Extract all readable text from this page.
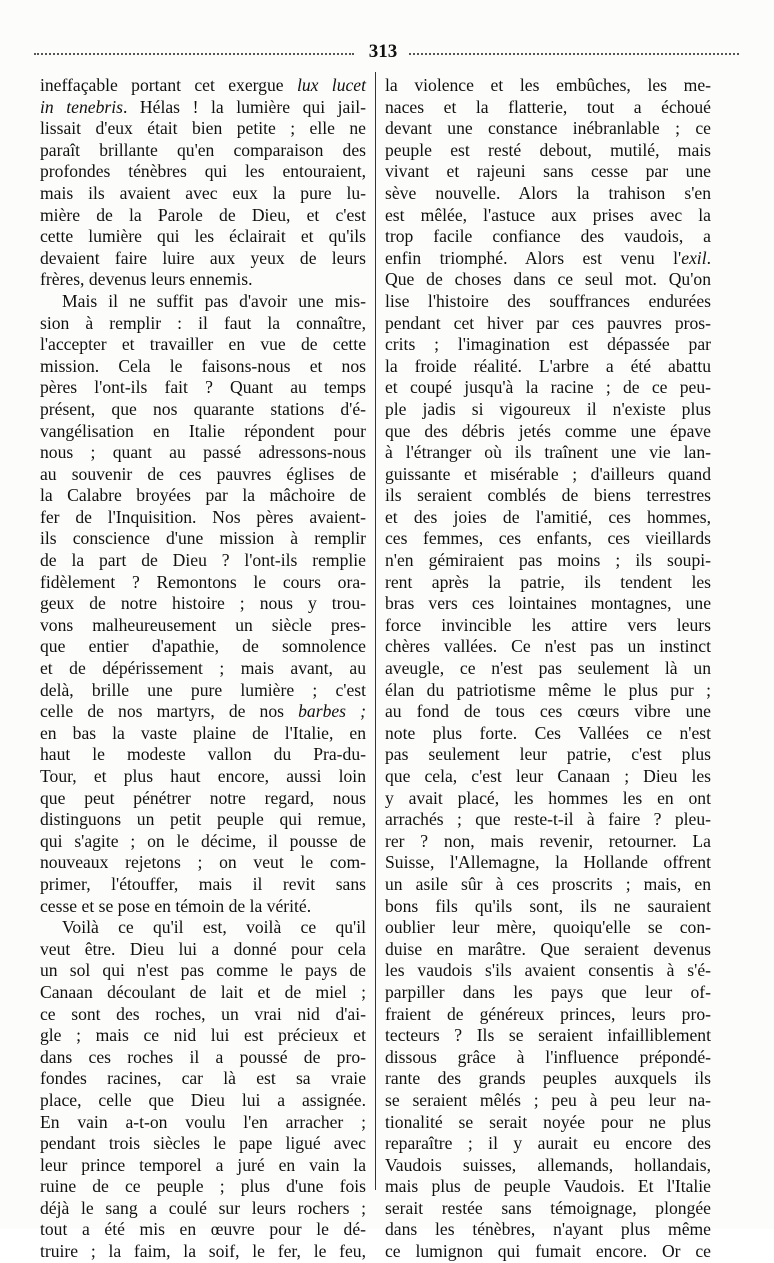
313
ineffaçable portant cet exergue lux lucet
in tenebris. Hélas ! la lumière qui jail-
lissait d'eux était bien petite ; elle ne
paraît brillante qu'en comparaison des
profondes ténèbres qui les entouraient,
mais ils avaient avec eux la pure lu-
mière de la Parole de Dieu, et c'est
cette lumière qui les éclairait et qu'ils
devaient faire luire aux yeux de leurs
frères, devenus leurs ennemis.
Mais il ne suffit pas d'avoir une mis-
sion à remplir : il faut la connaître,
l'accepter et travailler en vue de cette
mission. Cela le faisons-nous et nos
pères l'ont-ils fait ? Quant au temps
présent, que nos quarante stations d'é-
vangélisation en Italie répondent pour
nous ; quant au passé adressons-nous
au souvenir de ces pauvres églises de
la Calabre broyées par la mâchoire de
fer de l'Inquisition. Nos pères avaient-
ils conscience d'une mission à remplir
de la part de Dieu ? l'ont-ils remplie
fidèlement ? Remontons le cours ora-
geux de notre histoire ; nous y trou-
vons malheureusement un siècle pres-
que entier d'apathie, de somnolence
et de dépérissement ; mais avant, au
delà, brille une pure lumière ; c'est
celle de nos martyrs, de nos barbes ;
en bas la vaste plaine de l'Italie, en
haut le modeste vallon du Pra-du-
Tour, et plus haut encore, aussi loin
que peut pénétrer notre regard, nous
distinguons un petit peuple qui remue,
qui s'agite ; on le décime, il pousse de
nouveaux rejetons ; on veut le com-
primer, l'étouffer, mais il revit sans
cesse et se pose en témoin de la vérité.
Voilà ce qu'il est, voilà ce qu'il
veut être. Dieu lui a donné pour cela
un sol qui n'est pas comme le pays de
Canaan découlant de lait et de miel ;
ce sont des roches, un vrai nid d'ai-
gle ; mais ce nid lui est précieux et
dans ces roches il a poussé de pro-
fondes racines, car là est sa vraie
place, celle que Dieu lui a assignée.
En vain a-t-on voulu l'en arracher ;
pendant trois siècles le pape ligué avec
leur prince temporel a juré en vain la
ruine de ce peuple ; plus d'une fois
déjà le sang a coulé sur leurs rochers ;
tout a été mis en œuvre pour le dé-
truire ; la faim, la soif, le fer, le feu,
la violence et les embûches, les me-
naces et la flatterie, tout a échoué
devant une constance inébranlable ; ce
peuple est resté debout, mutilé, mais
vivant et rajeuni sans cesse par une
sève nouvelle. Alors la trahison s'en
est mêlée, l'astuce aux prises avec la
trop facile confiance des vaudois, a
enfin triomphé. Alors est venu l'exil.
Que de choses dans ce seul mot. Qu'on
lise l'histoire des souffrances endurées
pendant cet hiver par ces pauvres pros-
crits ; l'imagination est dépassée par
la froide réalité. L'arbre a été abattu
et coupé jusqu'à la racine ; de ce peu-
ple jadis si vigoureux il n'existe plus
que des débris jetés comme une épave
à l'étranger où ils traînent une vie lan-
guissante et misérable ; d'ailleurs quand
ils seraient comblés de biens terrestres
et des joies de l'amitié, ces hommes,
ces femmes, ces enfants, ces vieillards
n'en gémiraient pas moins ; ils soupi-
rent après la patrie, ils tendent les
bras vers ces lointaines montagnes, une
force invincible les attire vers leurs
chères vallées. Ce n'est pas un instinct
aveugle, ce n'est pas seulement là un
élan du patriotisme même le plus pur ;
au fond de tous ces cœurs vibre une
note plus forte. Ces Vallées ce n'est
pas seulement leur patrie, c'est plus
que cela, c'est leur Canaan ; Dieu les
y avait placé, les hommes les en ont
arrachés ; que reste-t-il à faire ? pleu-
rer ? non, mais revenir, retourner. La
Suisse, l'Allemagne, la Hollande offrent
un asile sûr à ces proscrits ; mais, en
bons fils qu'ils sont, ils ne sauraient
oublier leur mère, quoiqu'elle se con-
duise en marâtre. Que seraient devenus
les vaudois s'ils avaient consentis à s'é-
parpiller dans les pays que leur of-
fraient de généreux princes, leurs pro-
tecteurs ? Ils se seraient infailliblement
dissous grâce à l'influence prépondé-
rante des grands peuples auxquels ils
se seraient mêlés ; peu à peu leur na-
tionalité se serait noyée pour ne plus
reparaître ; il y aurait eu encore des
Vaudois suisses, allemands, hollandais,
mais plus de peuple Vaudois. Et l'Italie
serait restée sans témoignage, plongée
dans les ténèbres, n'ayant plus même
ce lumignon qui fumait encore. Or ce
